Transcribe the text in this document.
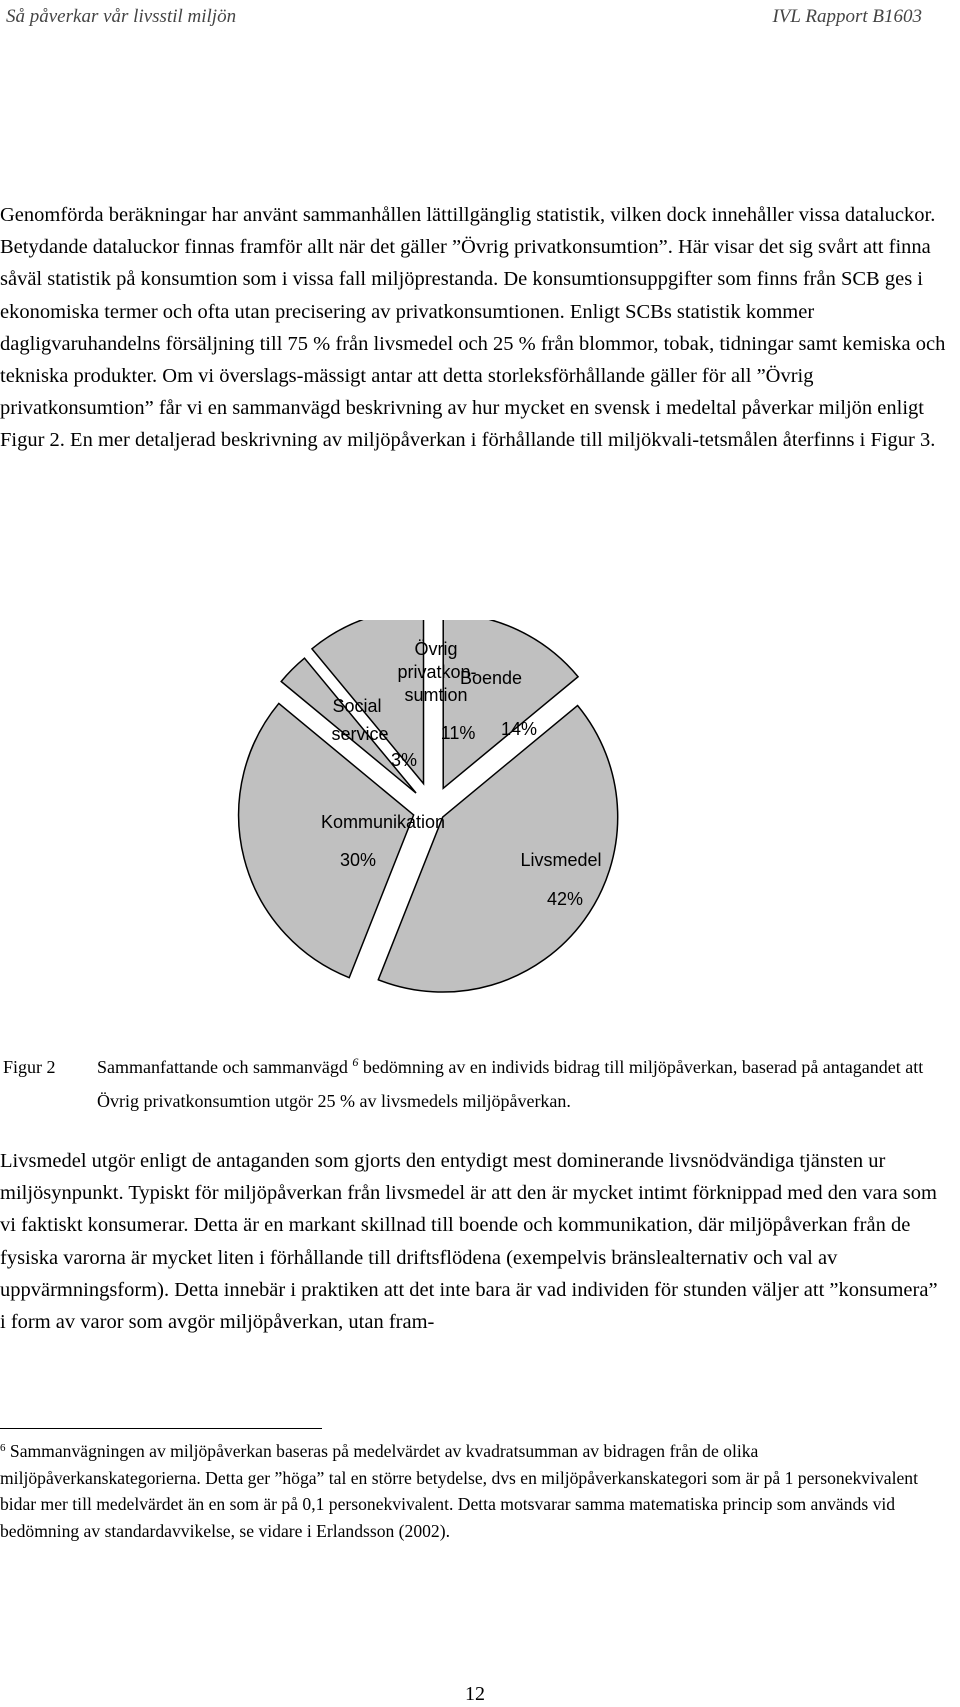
Så påverkar vår livsstil miljön	IVL Rapport B1603

Genomförda beräkningar har använt sammanhållen lättillgänglig statistik, vilken dock innehåller vissa dataluckor. Betydande dataluckor finnas framför allt när det gäller ”Övrig privatkonsumtion”. Här visar det sig svårt att finna såväl statistik på konsumtion som i vissa fall miljöprestanda. De konsumtionsuppgifter som finns från SCB ges i ekonomiska termer och ofta utan precisering av privatkonsumtionen. Enligt SCBs statistik kommer dagligvaruhandelns försäljning till 75 % från livsmedel och 25 % från blommor, tobak, tidningar samt kemiska och tekniska produkter. Om vi överslags-mässigt antar att detta storleksförhållande gäller för all ”Övrig privatkonsumtion” får vi en sammanvägd beskrivning av hur mycket en svensk i medeltal påverkar miljön enligt Figur 2. En mer detaljerad beskrivning av miljöpåverkan i förhållande till miljökvali-tetsmålen återfinns i Figur 3.

Boende
14%
Livsmedel
42%
Kommunikation
30%
Social
service
3%
Övrig
privatkon-
sumtion
11%
Figur 2 Sammanfattande och sammanvägd $^6$ bedömning av en individs bidrag till miljöpåverkan, baserad på antagandet att Övrig privatkonsumtion utgör 25 % av livsmedels miljöpåverkan.

Livsmedel utgör enligt de antaganden som gjorts den entydigt mest dominerande livsnödvändiga tjänsten ur miljösynpunkt. Typiskt för miljöpåverkan från livsmedel är att den är mycket intimt förknippad med den vara som vi faktiskt konsumerar. Detta är en markant skillnad till boende och kommunikation, där miljöpåverkan från de fysiska varorna är mycket liten i förhållande till driftsflödena (exempelvis bränslealternativ och val av uppvärmningsform). Detta innebär i praktiken att det inte bara är vad individen för stunden väljer att ”konsumera” i form av varor som avgör miljöpåverkan, utan fram-

$^6$ Sammanvägningen av miljöpåverkan baseras på medelvärdet av kvadratsumman av bidragen från de olika miljöpåverkanskategorierna. Detta ger ”höga” tal en större betydelse, dvs en miljöpåverkanskategori som är på 1 personekvivalent bidar mer till medelvärdet än en som är på 0,1 personekvivalent. Detta motsvarar samma matematiska princip som används vid bedömning av standardavvikelse, se vidare i Erlandsson (2002).

12
